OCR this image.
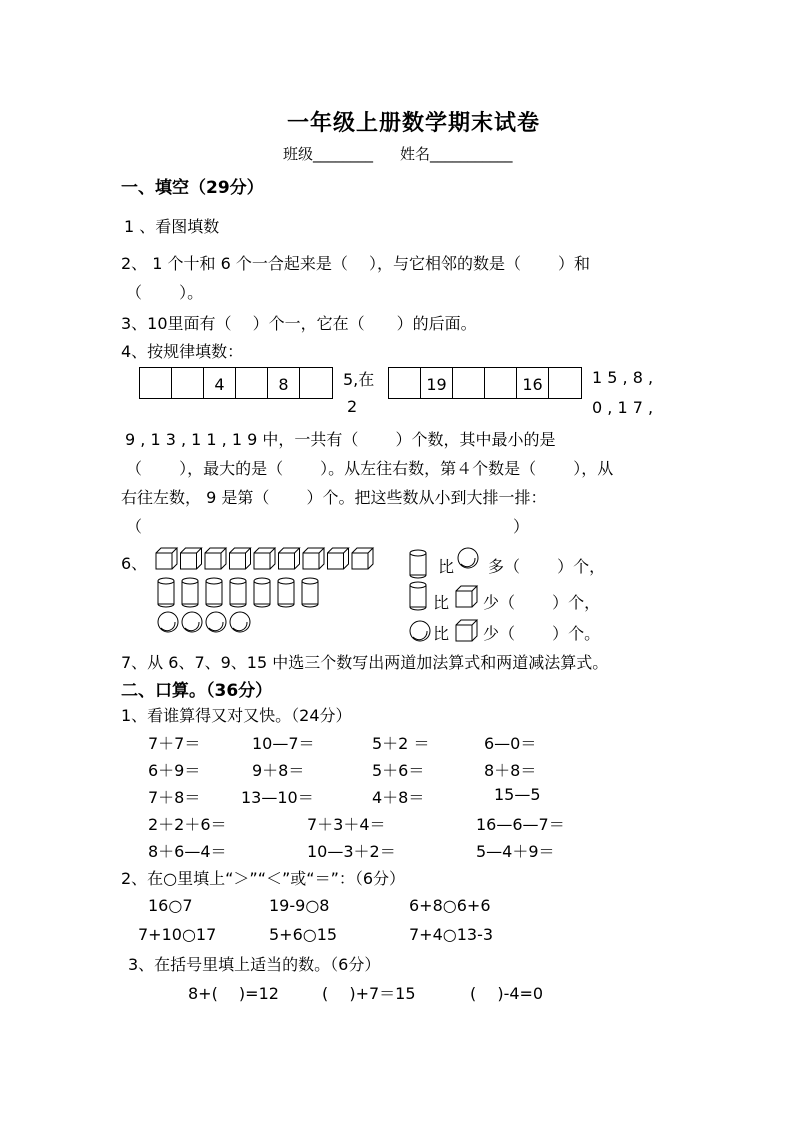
一年级上册数学期末试卷
班级________ 姓名___________
一、填空（29分）
1 、看图填数
2、 1 个十和 6 个一合起来是（　 ），与它相邻的数是（　　 ）和
（　　 ）。
3、10里面有（　 ）个一，它在（　　）的后面。
4、按规律填数：
4	8	5,在
2
19	16	1 5 , 8 ,
0 , 1 7 ,
9 , 1 3 , 1 1 , 1 9 中，一共有（　　 ）个数，其中最小的是
（　　 ），最大的是（　　 ）。从左往右数，第４个数是（　　 ），从
右往左数， 9 是第（　　 ）个。把这些数从小到大排一排：
（	）
6、	比 多（　　 ）个，
比 少（　　 ）个，
比 少（　　 ）个。
7、从 6、7、9、15 中选三个数写出两道加法算式和两道减法算式。
二、口算。（36分）
1、看谁算得又对又快。（24分）
7＋7＝	10—7＝	5＋2 ＝	6—0＝
6＋9＝	9＋8＝	5＋6＝	8＋8＝
7＋8＝	13—10＝	4＋8＝	15—5
2＋2＋6＝	7＋3＋4＝	16—6—7＝
8＋6—4＝	10—3＋2＝	5—4＋9＝
2、在○里填上“＞”“＜”或“＝”：（6分）
16○7	19-9○8	6+8○6+6
7+10○17	5+6○15	7+4○13-3
3、在括号里填上适当的数。（6分）
8+(　 )=12	(　 )+7＝15	(　 )-4=0
